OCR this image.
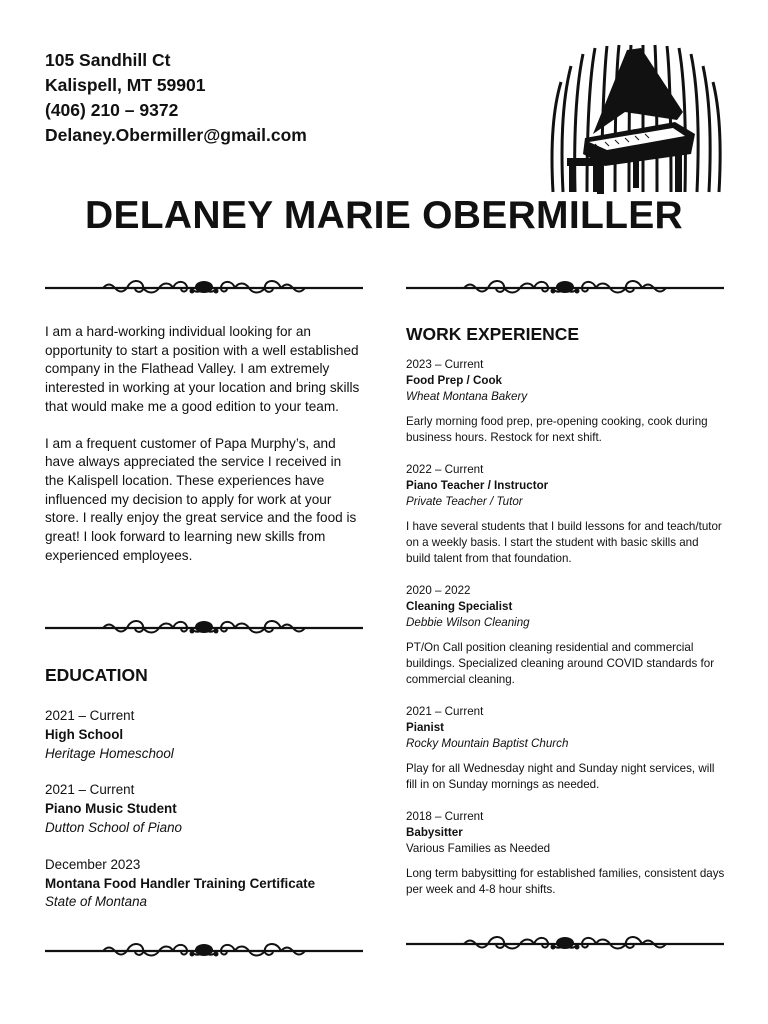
105 Sandhill Ct
Kalispell, MT 59901
(406) 210 – 9372
Delaney.Obermiller@gmail.com
DELANEY MARIE OBERMILLER

I am a hard-working individual looking for an opportunity to start a position with a well established company in the Flathead Valley. I am extremely interested in working at your location and bring skills that would make me a good edition to your team.

I am a frequent customer of Papa Murphy’s, and have always appreciated the service I received in the Kalispell location. These experiences have influenced my decision to apply for work at your store. I really enjoy the great service and the food is great! I look forward to learning new skills from experienced employees.

EDUCATION
2021 – Current
High School
Heritage Homeschool
2021 – Current
Piano Music Student
Dutton School of Piano
December 2023
Montana Food Handler Training Certificate
State of Montana
WORK EXPERIENCE
2023 – Current
Food Prep / Cook
Wheat Montana Bakery
Early morning food prep, pre-opening cooking, cook during business hours. Restock for next shift.
2022 – Current
Piano Teacher / Instructor
Private Teacher / Tutor
I have several students that I build lessons for and teach/tutor on a weekly basis. I start the student with basic skills and build talent from that foundation.
2020 – 2022
Cleaning Specialist
Debbie Wilson Cleaning
PT/On Call position cleaning residential and commercial buildings. Specialized cleaning around COVID standards for commercial cleaning.
2021 – Current
Pianist
Rocky Mountain Baptist Church
Play for all Wednesday night and Sunday night services, will fill in on Sunday mornings as needed.
2018 – Current
Babysitter
Various Families as Needed
Long term babysitting for established families, consistent days per week and 4-8 hour shifts.
